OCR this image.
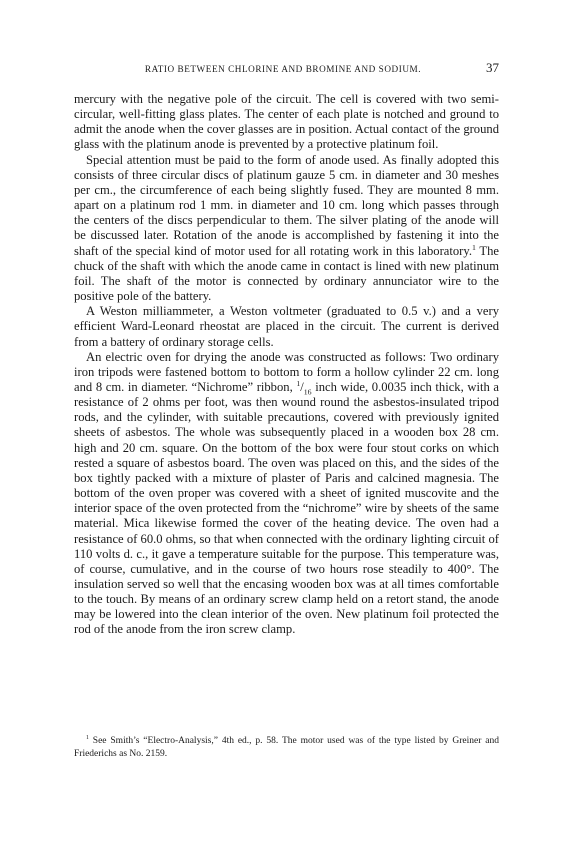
RATIO BETWEEN CHLORINE AND BROMINE AND SODIUM.	37

mercury with the negative pole of the circuit. The cell is covered with two semi-circular, well-fitting glass plates. The center of each plate is notched and ground to admit the anode when the cover glasses are in position. Actual contact of the ground glass with the platinum anode is prevented by a protective platinum foil.

Special attention must be paid to the form of anode used. As finally adopted this consists of three circular discs of platinum gauze 5 cm. in diameter and 30 meshes per cm., the circumference of each being slightly fused. They are mounted 8 mm. apart on a platinum rod 1 mm. in diameter and 10 cm. long which passes through the centers of the discs perpendicular to them. The silver plating of the anode will be discussed later. Rotation of the anode is accomplished by fastening it into the shaft of the special kind of motor used for all rotating work in this laboratory.$^1$ The chuck of the shaft with which the anode came in contact is lined with new platinum foil. The shaft of the motor is connected by ordinary annunciator wire to the positive pole of the battery.

A Weston milliammeter, a Weston voltmeter (graduated to 0.5 v.) and a very efficient Ward-Leonard rheostat are placed in the circuit. The current is derived from a battery of ordinary storage cells.

An electric oven for drying the anode was constructed as follows: Two ordinary iron tripods were fastened bottom to bottom to form a hollow cylinder 22 cm. long and 8 cm. in diameter. “Nichrome” ribbon, $^1/_{16}$ inch wide, 0.0035 inch thick, with a resistance of 2 ohms per foot, was then wound round the asbestos-insulated tripod rods, and the cylinder, with suitable precautions, covered with previously ignited sheets of asbestos. The whole was subsequently placed in a wooden box 28 cm. high and 20 cm. square. On the bottom of the box were four stout corks on which rested a square of asbestos board. The oven was placed on this, and the sides of the box tightly packed with a mixture of plaster of Paris and calcined magnesia. The bottom of the oven proper was covered with a sheet of ignited muscovite and the interior space of the oven protected from the “nichrome” wire by sheets of the same material. Mica likewise formed the cover of the heating device. The oven had a resistance of 60.0 ohms, so that when connected with the ordinary lighting circuit of 110 volts d. c., it gave a temperature suitable for the purpose. This temperature was, of course, cumulative, and in the course of two hours rose steadily to 400°. The insulation served so well that the encasing wooden box was at all times comfortable to the touch. By means of an ordinary screw clamp held on a retort stand, the anode may be lowered into the clean interior of the oven. New platinum foil protected the rod of the anode from the iron screw clamp.

$^1$ See Smith’s “Electro-Analysis,” 4th ed., p. 58. The motor used was of the type listed by Greiner and Friederichs as No. 2159.
